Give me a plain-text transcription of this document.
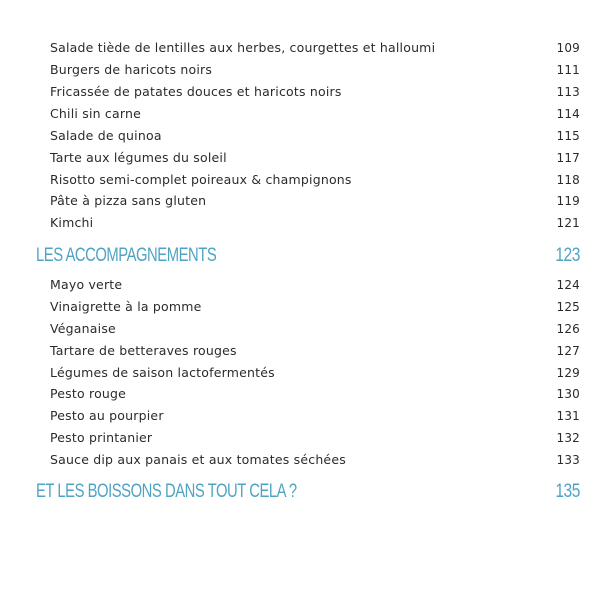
Salade tiède de lentilles aux herbes, courgettes et halloumi	109
Burgers de haricots noirs	111
Fricassée de patates douces et haricots noirs	113
Chili sin carne	114
Salade de quinoa	115
Tarte aux légumes du soleil	117
Risotto semi-complet poireaux & champignons	118
Pâte à pizza sans gluten	119
Kimchi	121
LES ACCOMPAGNEMENTS	123
Mayo verte	124
Vinaigrette à la pomme	125
Véganaise	126
Tartare de betteraves rouges	127
Légumes de saison lactofermentés	129
Pesto rouge	130
Pesto au pourpier	131
Pesto printanier	132
Sauce dip aux panais et aux tomates séchées	133
ET LES BOISSONS DANS TOUT CELA ?	135
